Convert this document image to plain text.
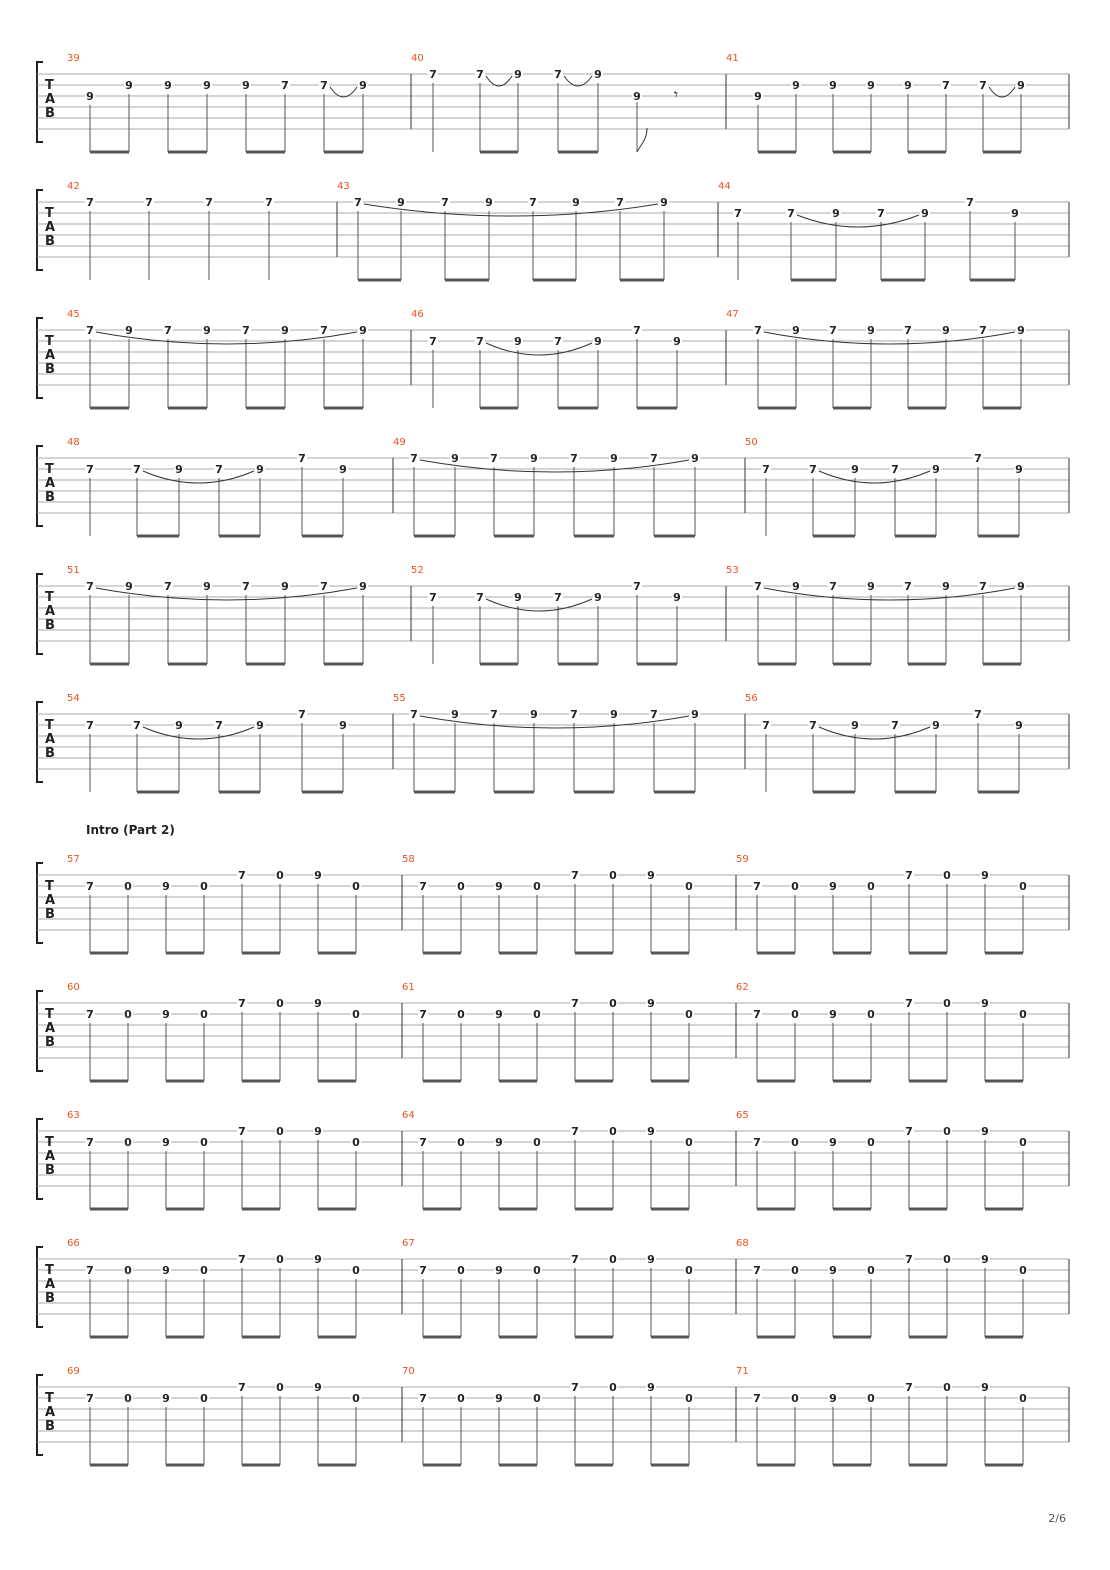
T
A
B
39
9
9	9	9	9	7	7	9
40
7	7	9	7	9
9 𝄾
41
9
9	9	9	9	7	7	9
T
A
B
42
7	7	7	7
43
7	9	7	9	7	9	7	9
44
7	7	9	7	9
7
9
T
A
B
45
7	9	7	9	7	9	7	9
46
7	7	9	7	9
7
9
47
7	9	7	9	7	9	7	9
T
A
B
48
7	7	9	7	9
7
9
49
7	9	7	9	7	9	7	9
50
7	7	9	7	9
7
9
T
A
B
51
7	9	7	9	7	9	7	9
52
7	7	9	7	9
7
9
53
7	9	7	9	7	9	7	9
T
A
B
54
7	7	9	7	9
7
9
55
7	9	7	9	7	9	7	9
56
7	7	9	7	9
7
9
T
A
B
57
7	0	9	0
7	0	9
0
58
7	0	9	0
7	0	9
0
59
7	0	9	0
7	0	9
0
T
A
B
60
7	0	9	0
7	0	9
0
61
7	0	9	0
7	0	9
0
62
7	0	9	0
7	0	9
0
T
A
B
63
7	0	9	0
7	0	9
0
64
7	0	9	0
7	0	9
0
65
7	0	9	0
7	0	9
0
T
A
B
66
7	0	9	0
7	0	9
0
67
7	0	9	0
7	0	9
0
68
7	0	9	0
7	0	9
0
T
A
B
69
7	0	9	0
7	0	9
0
70
7	0	9	0
7	0	9
0
71
7	0	9	0
7	0	9
0
Intro (Part 2)
2/6
